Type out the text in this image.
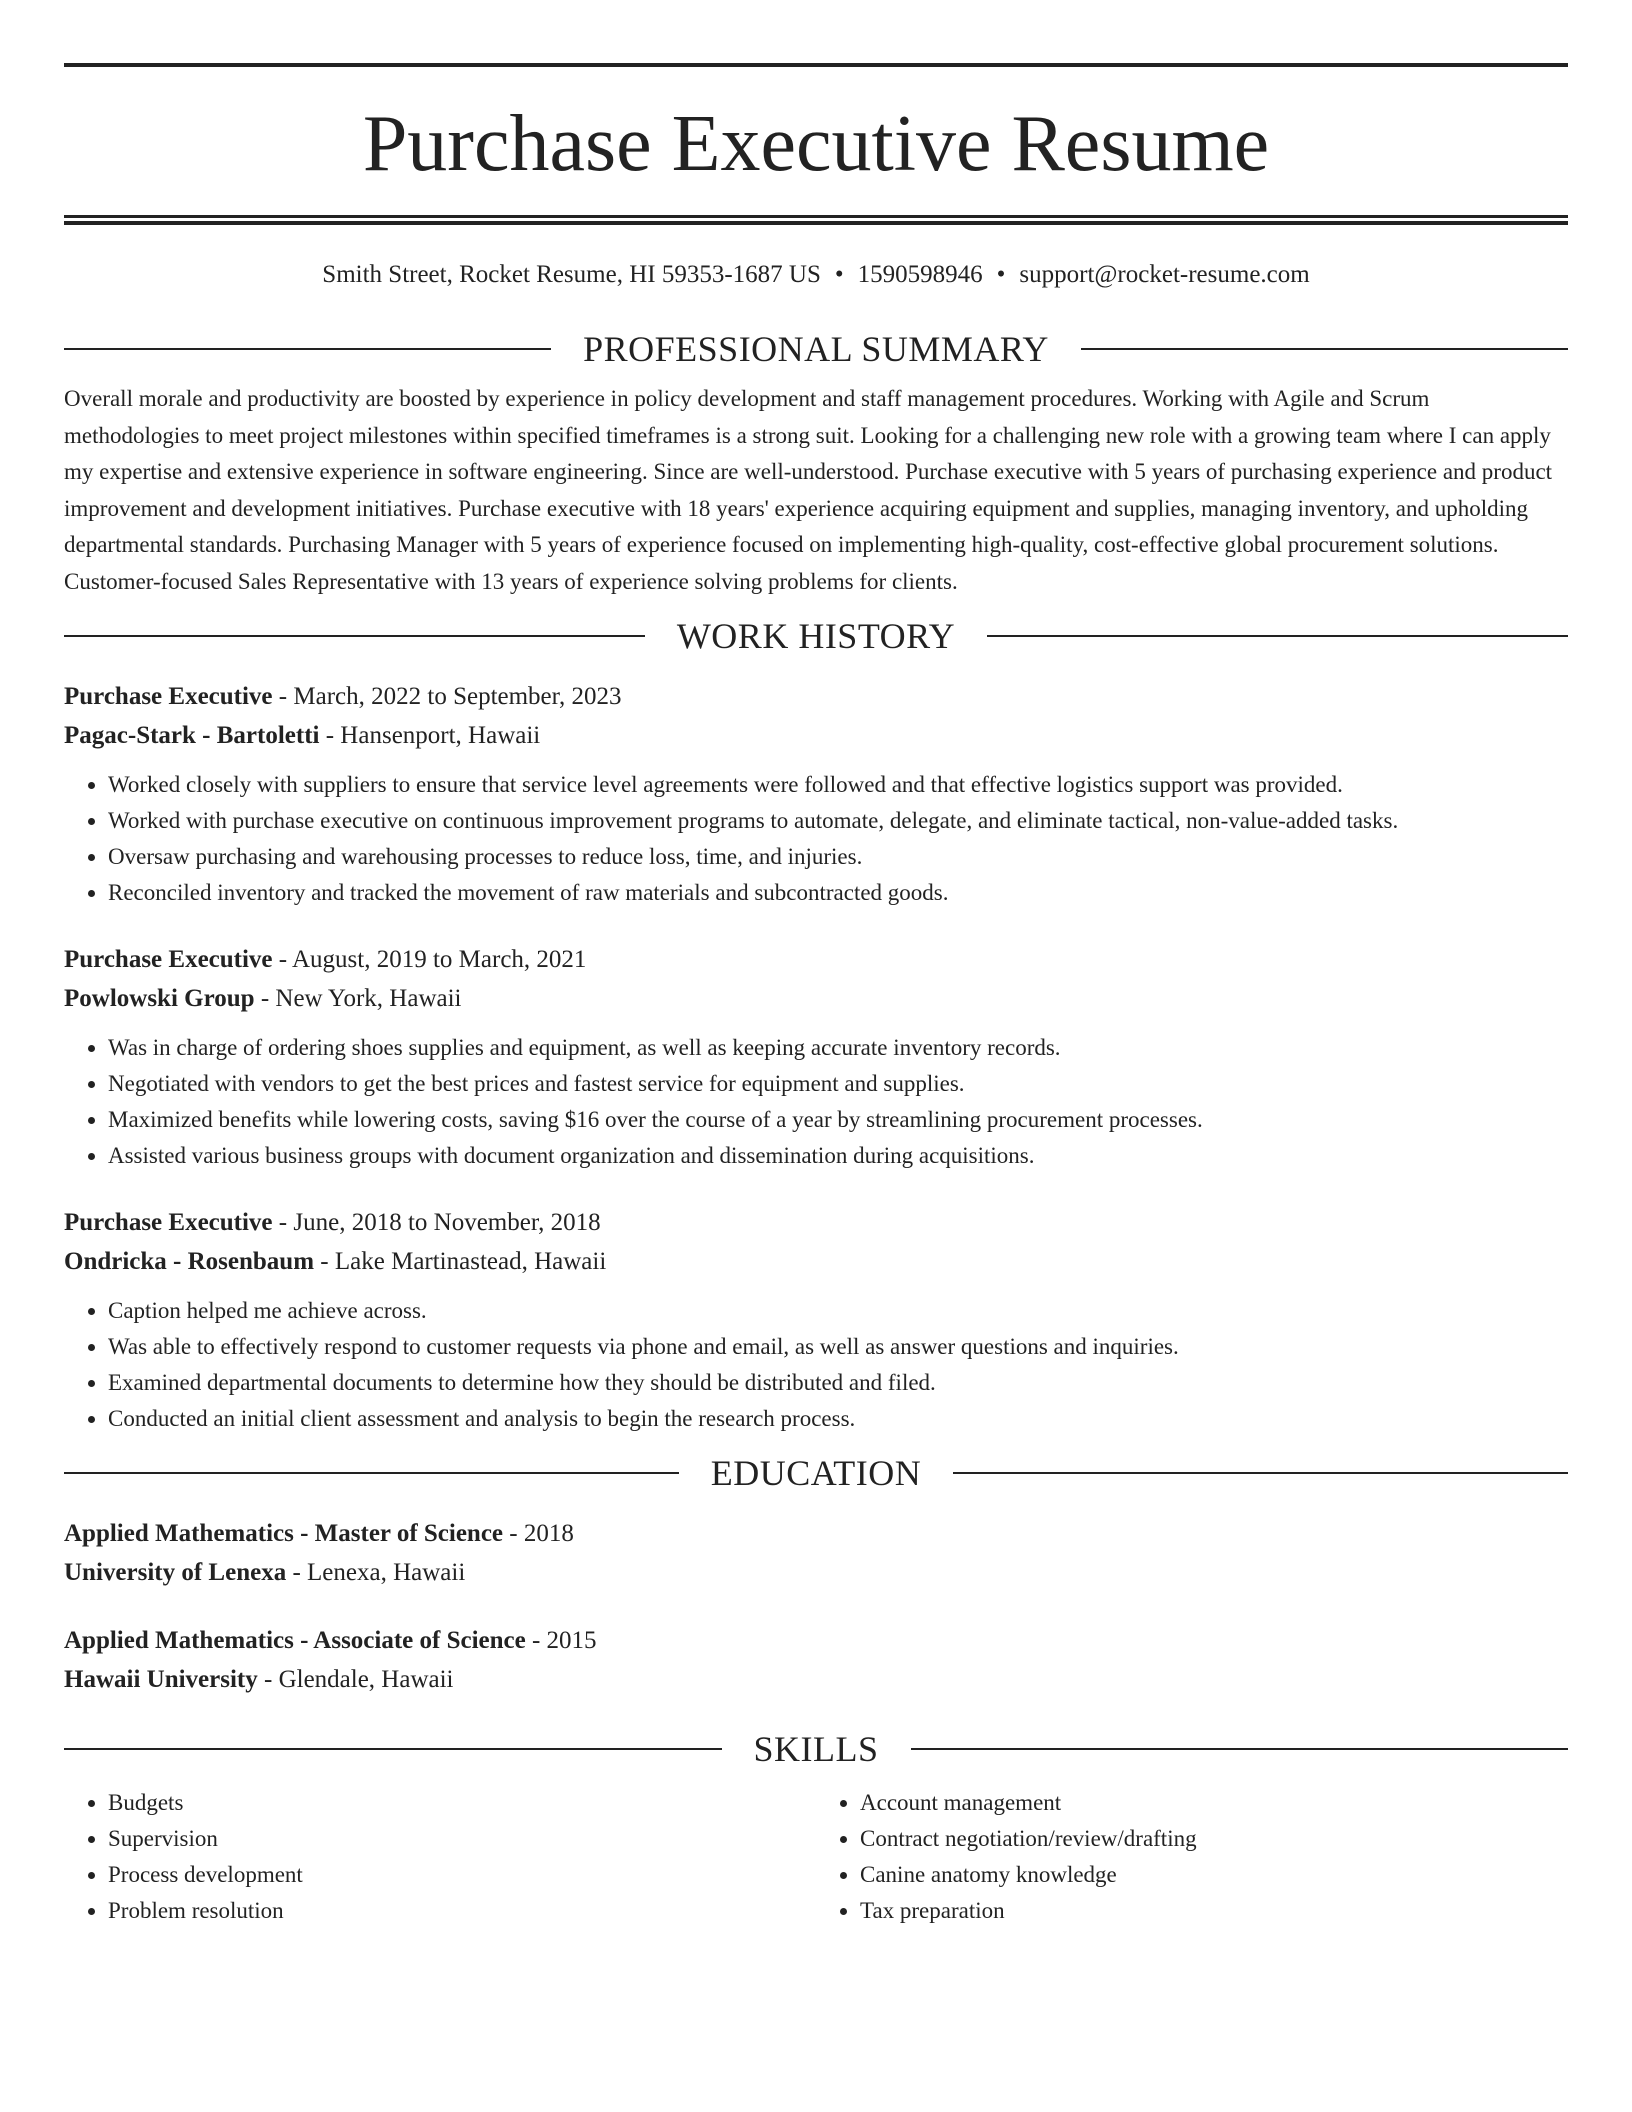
Purchase Executive Resume
Smith Street, Rocket Resume, HI 59353-1687 US • 1590598946 • support@rocket-resume.com
PROFESSIONAL SUMMARY

Overall morale and productivity are boosted by experience in policy development and staff management procedures. Working with Agile and Scrum methodologies to meet project milestones within specified timeframes is a strong suit. Looking for a challenging new role with a growing team where I can apply my expertise and extensive experience in software engineering. Since are well-understood. Purchase executive with 5 years of purchasing experience and product improvement and development initiatives. Purchase executive with 18 years' experience acquiring equipment and supplies, managing inventory, and upholding departmental standards. Purchasing Manager with 5 years of experience focused on implementing high-quality, cost-effective global procurement solutions. Customer-focused Sales Representative with 13 years of experience solving problems for clients.

WORK HISTORY
Purchase Executive - March, 2022 to September, 2023
Pagac-Stark - Bartoletti - Hansenport, Hawaii
• Worked closely with suppliers to ensure that service level agreements were followed and that effective logistics support was provided.
• Worked with purchase executive on continuous improvement programs to automate, delegate, and eliminate tactical, non-value-added tasks.
• Oversaw purchasing and warehousing processes to reduce loss, time, and injuries.
• Reconciled inventory and tracked the movement of raw materials and subcontracted goods.
Purchase Executive - August, 2019 to March, 2021
Powlowski Group - New York, Hawaii
• Was in charge of ordering shoes supplies and equipment, as well as keeping accurate inventory records.
• Negotiated with vendors to get the best prices and fastest service for equipment and supplies.
• Maximized benefits while lowering costs, saving $16 over the course of a year by streamlining procurement processes.
• Assisted various business groups with document organization and dissemination during acquisitions.
Purchase Executive - June, 2018 to November, 2018
Ondricka - Rosenbaum - Lake Martinastead, Hawaii
• Caption helped me achieve across.
• Was able to effectively respond to customer requests via phone and email, as well as answer questions and inquiries.
• Examined departmental documents to determine how they should be distributed and filed.
• Conducted an initial client assessment and analysis to begin the research process.
EDUCATION
Applied Mathematics - Master of Science - 2018
University of Lenexa - Lenexa, Hawaii
Applied Mathematics - Associate of Science - 2015
Hawaii University - Glendale, Hawaii
SKILLS
• Budgets
• Supervision
• Process development
• Problem resolution
• Account management
• Contract negotiation/review/drafting
• Canine anatomy knowledge
• Tax preparation
